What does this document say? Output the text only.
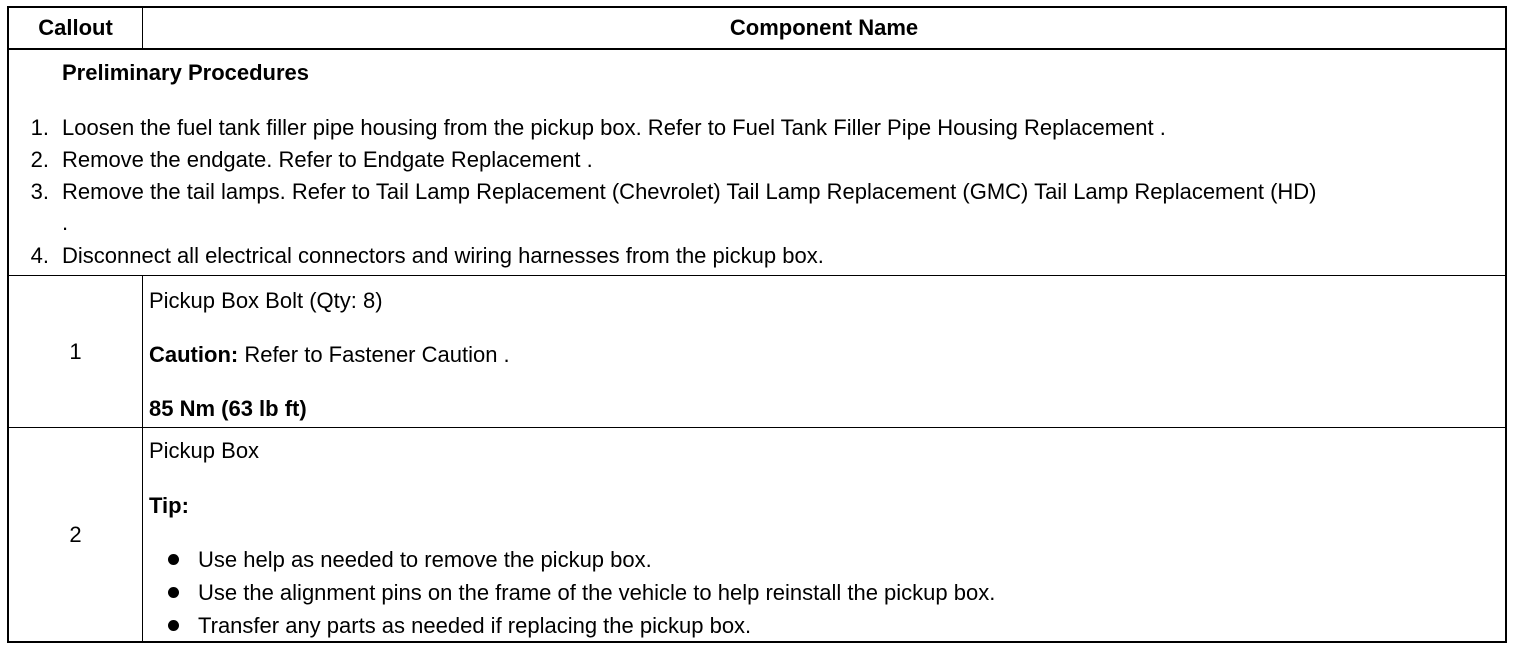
Callout	Component Name
Preliminary Procedures
1. Loosen the fuel tank filler pipe housing from the pickup box. Refer to Fuel Tank Filler Pipe Housing Replacement .
2. Remove the endgate. Refer to Endgate Replacement .
3. Remove the tail lamps. Refer to Tail Lamp Replacement (Chevrolet) Tail Lamp Replacement (GMC) Tail Lamp Replacement (HD)
.
4. Disconnect all electrical connectors and wiring harnesses from the pickup box.
1
Pickup Box Bolt (Qty: 8)
Caution: Refer to Fastener Caution .
85 Nm (63 lb ft)
2
Pickup Box
Tip:
Use help as needed to remove the pickup box.
Use the alignment pins on the frame of the vehicle to help reinstall the pickup box.
Transfer any parts as needed if replacing the pickup box.
